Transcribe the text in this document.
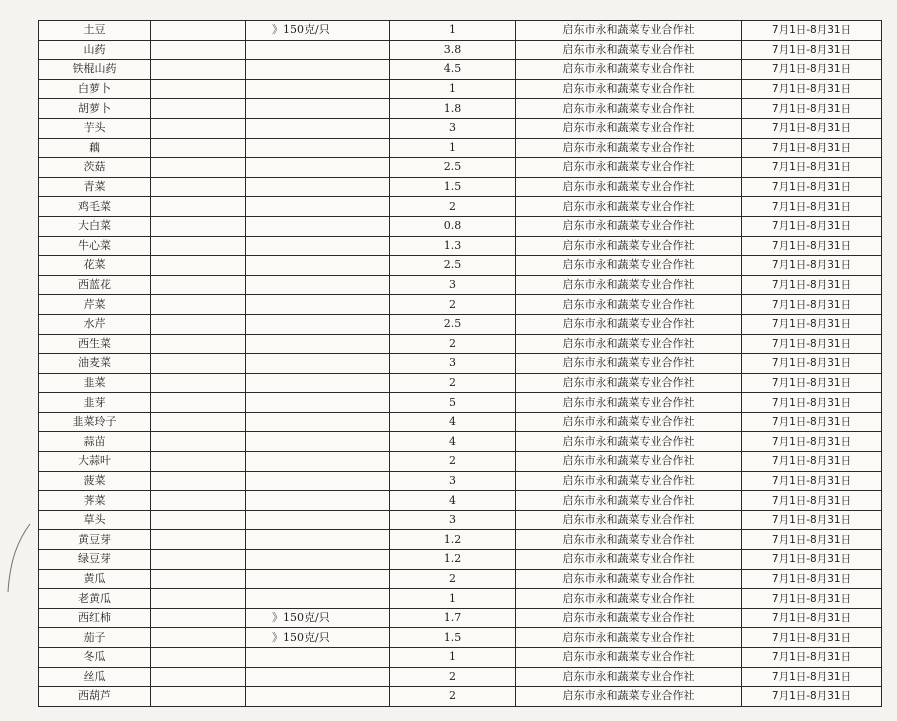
土豆		》150克/只	1	启东市永和蔬菜专业合作社	7月1日-8月31日
山药			3.8	启东市永和蔬菜专业合作社	7月1日-8月31日
铁棍山药			4.5	启东市永和蔬菜专业合作社	7月1日-8月31日
白萝卜			1	启东市永和蔬菜专业合作社	7月1日-8月31日
胡萝卜			1.8	启东市永和蔬菜专业合作社	7月1日-8月31日
芋头			3	启东市永和蔬菜专业合作社	7月1日-8月31日
藕			1	启东市永和蔬菜专业合作社	7月1日-8月31日
茨菇			2.5	启东市永和蔬菜专业合作社	7月1日-8月31日
青菜			1.5	启东市永和蔬菜专业合作社	7月1日-8月31日
鸡毛菜			2	启东市永和蔬菜专业合作社	7月1日-8月31日
大白菜			0.8	启东市永和蔬菜专业合作社	7月1日-8月31日
牛心菜			1.3	启东市永和蔬菜专业合作社	7月1日-8月31日
花菜			2.5	启东市永和蔬菜专业合作社	7月1日-8月31日
西蓝花			3	启东市永和蔬菜专业合作社	7月1日-8月31日
芹菜			2	启东市永和蔬菜专业合作社	7月1日-8月31日
水芹			2.5	启东市永和蔬菜专业合作社	7月1日-8月31日
西生菜			2	启东市永和蔬菜专业合作社	7月1日-8月31日
油麦菜			3	启东市永和蔬菜专业合作社	7月1日-8月31日
韭菜			2	启东市永和蔬菜专业合作社	7月1日-8月31日
韭芽			5	启东市永和蔬菜专业合作社	7月1日-8月31日
韭菜玲子			4	启东市永和蔬菜专业合作社	7月1日-8月31日
蒜苗			4	启东市永和蔬菜专业合作社	7月1日-8月31日
大蒜叶			2	启东市永和蔬菜专业合作社	7月1日-8月31日
菠菜			3	启东市永和蔬菜专业合作社	7月1日-8月31日
荠菜			4	启东市永和蔬菜专业合作社	7月1日-8月31日
草头			3	启东市永和蔬菜专业合作社	7月1日-8月31日
黄豆芽			1.2	启东市永和蔬菜专业合作社	7月1日-8月31日
绿豆芽			1.2	启东市永和蔬菜专业合作社	7月1日-8月31日
黄瓜			2	启东市永和蔬菜专业合作社	7月1日-8月31日
老黄瓜			1	启东市永和蔬菜专业合作社	7月1日-8月31日
西红柿		》150克/只	1.7	启东市永和蔬菜专业合作社	7月1日-8月31日
茄子		》150克/只	1.5	启东市永和蔬菜专业合作社	7月1日-8月31日
冬瓜			1	启东市永和蔬菜专业合作社	7月1日-8月31日
丝瓜			2	启东市永和蔬菜专业合作社	7月1日-8月31日
西葫芦			2	启东市永和蔬菜专业合作社	7月1日-8月31日
